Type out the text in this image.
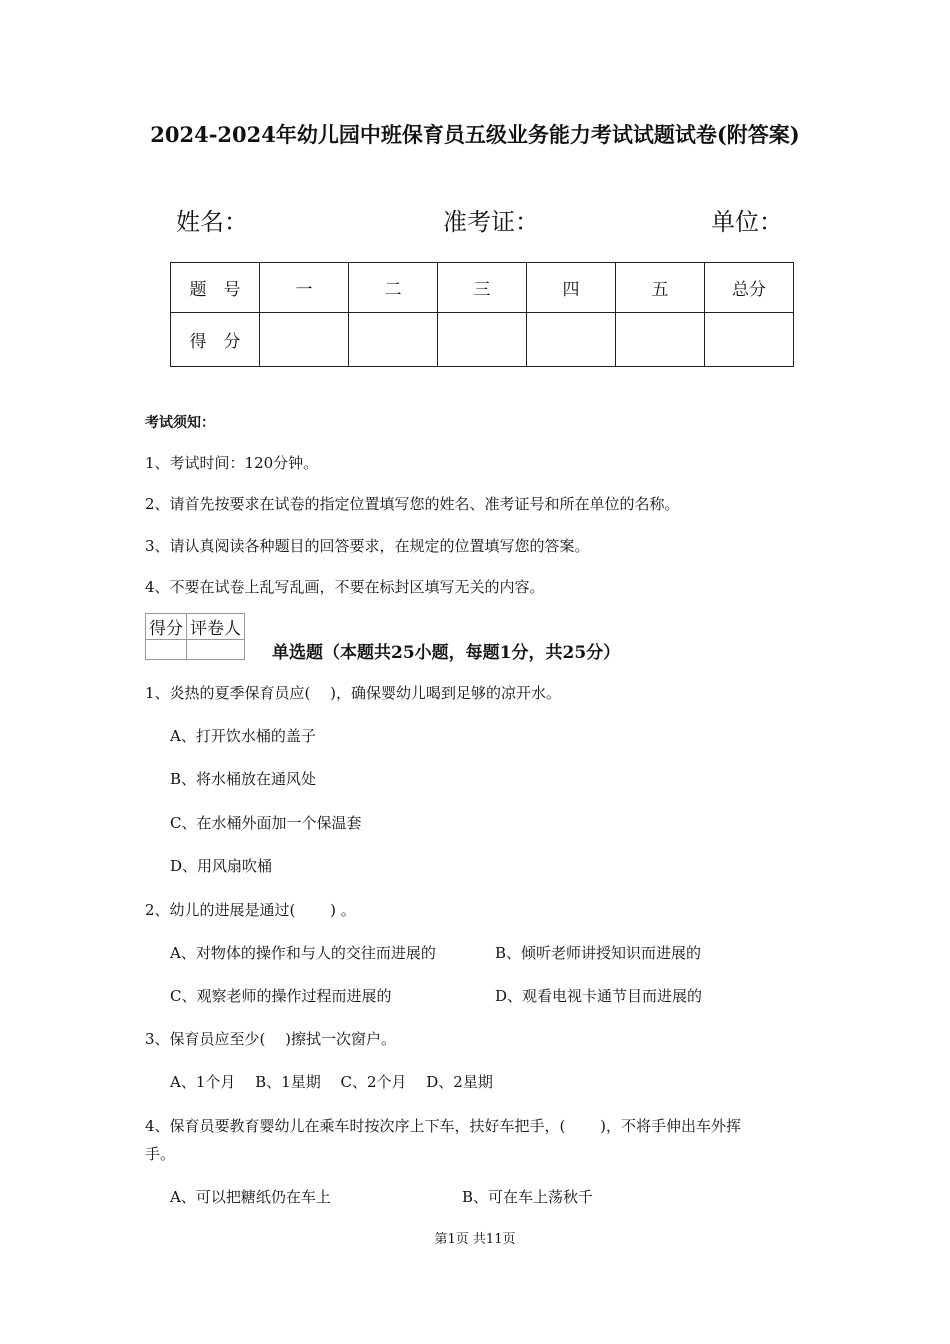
2024-2024年幼儿园中班保育员五级业务能力考试试题试卷(附答案)
姓名：	准考证：	单位：
题　号	一	二	三	四	五	总分
得　分						
考试须知：
1、考试时间：120分钟。
2、请首先按要求在试卷的指定位置填写您的姓名、准考证号和所在单位的名称。
3、请认真阅读各种题目的回答要求，在规定的位置填写您的答案。
4、不要在试卷上乱写乱画，不要在标封区填写无关的内容。
得分	评卷人

单选题（本题共25小题，每题1分，共25分）
1、炎热的夏季保育员应(　 )，确保婴幼儿喝到足够的凉开水。
A、打开饮水桶的盖子
B、将水桶放在通风处
C、在水桶外面加一个保温套
D、用风扇吹桶
2、幼儿的进展是通过(　　 ) 。
A、对物体的操作和与人的交往而进展的	B、倾听老师讲授知识而进展的
C、观察老师的操作过程而进展的	D、观看电视卡通节目而进展的
3、保育员应至少(　 )擦拭一次窗户。
A、1个月　 B、1星期　 C、2个月　 D、2星期
4、保育员要教育婴幼儿在乘车时按次序上下车，扶好车把手，(　　 )，不将手伸出车外挥
手。
A、可以把糖纸仍在车上	B、可在车上荡秋千
第1页 共11页
